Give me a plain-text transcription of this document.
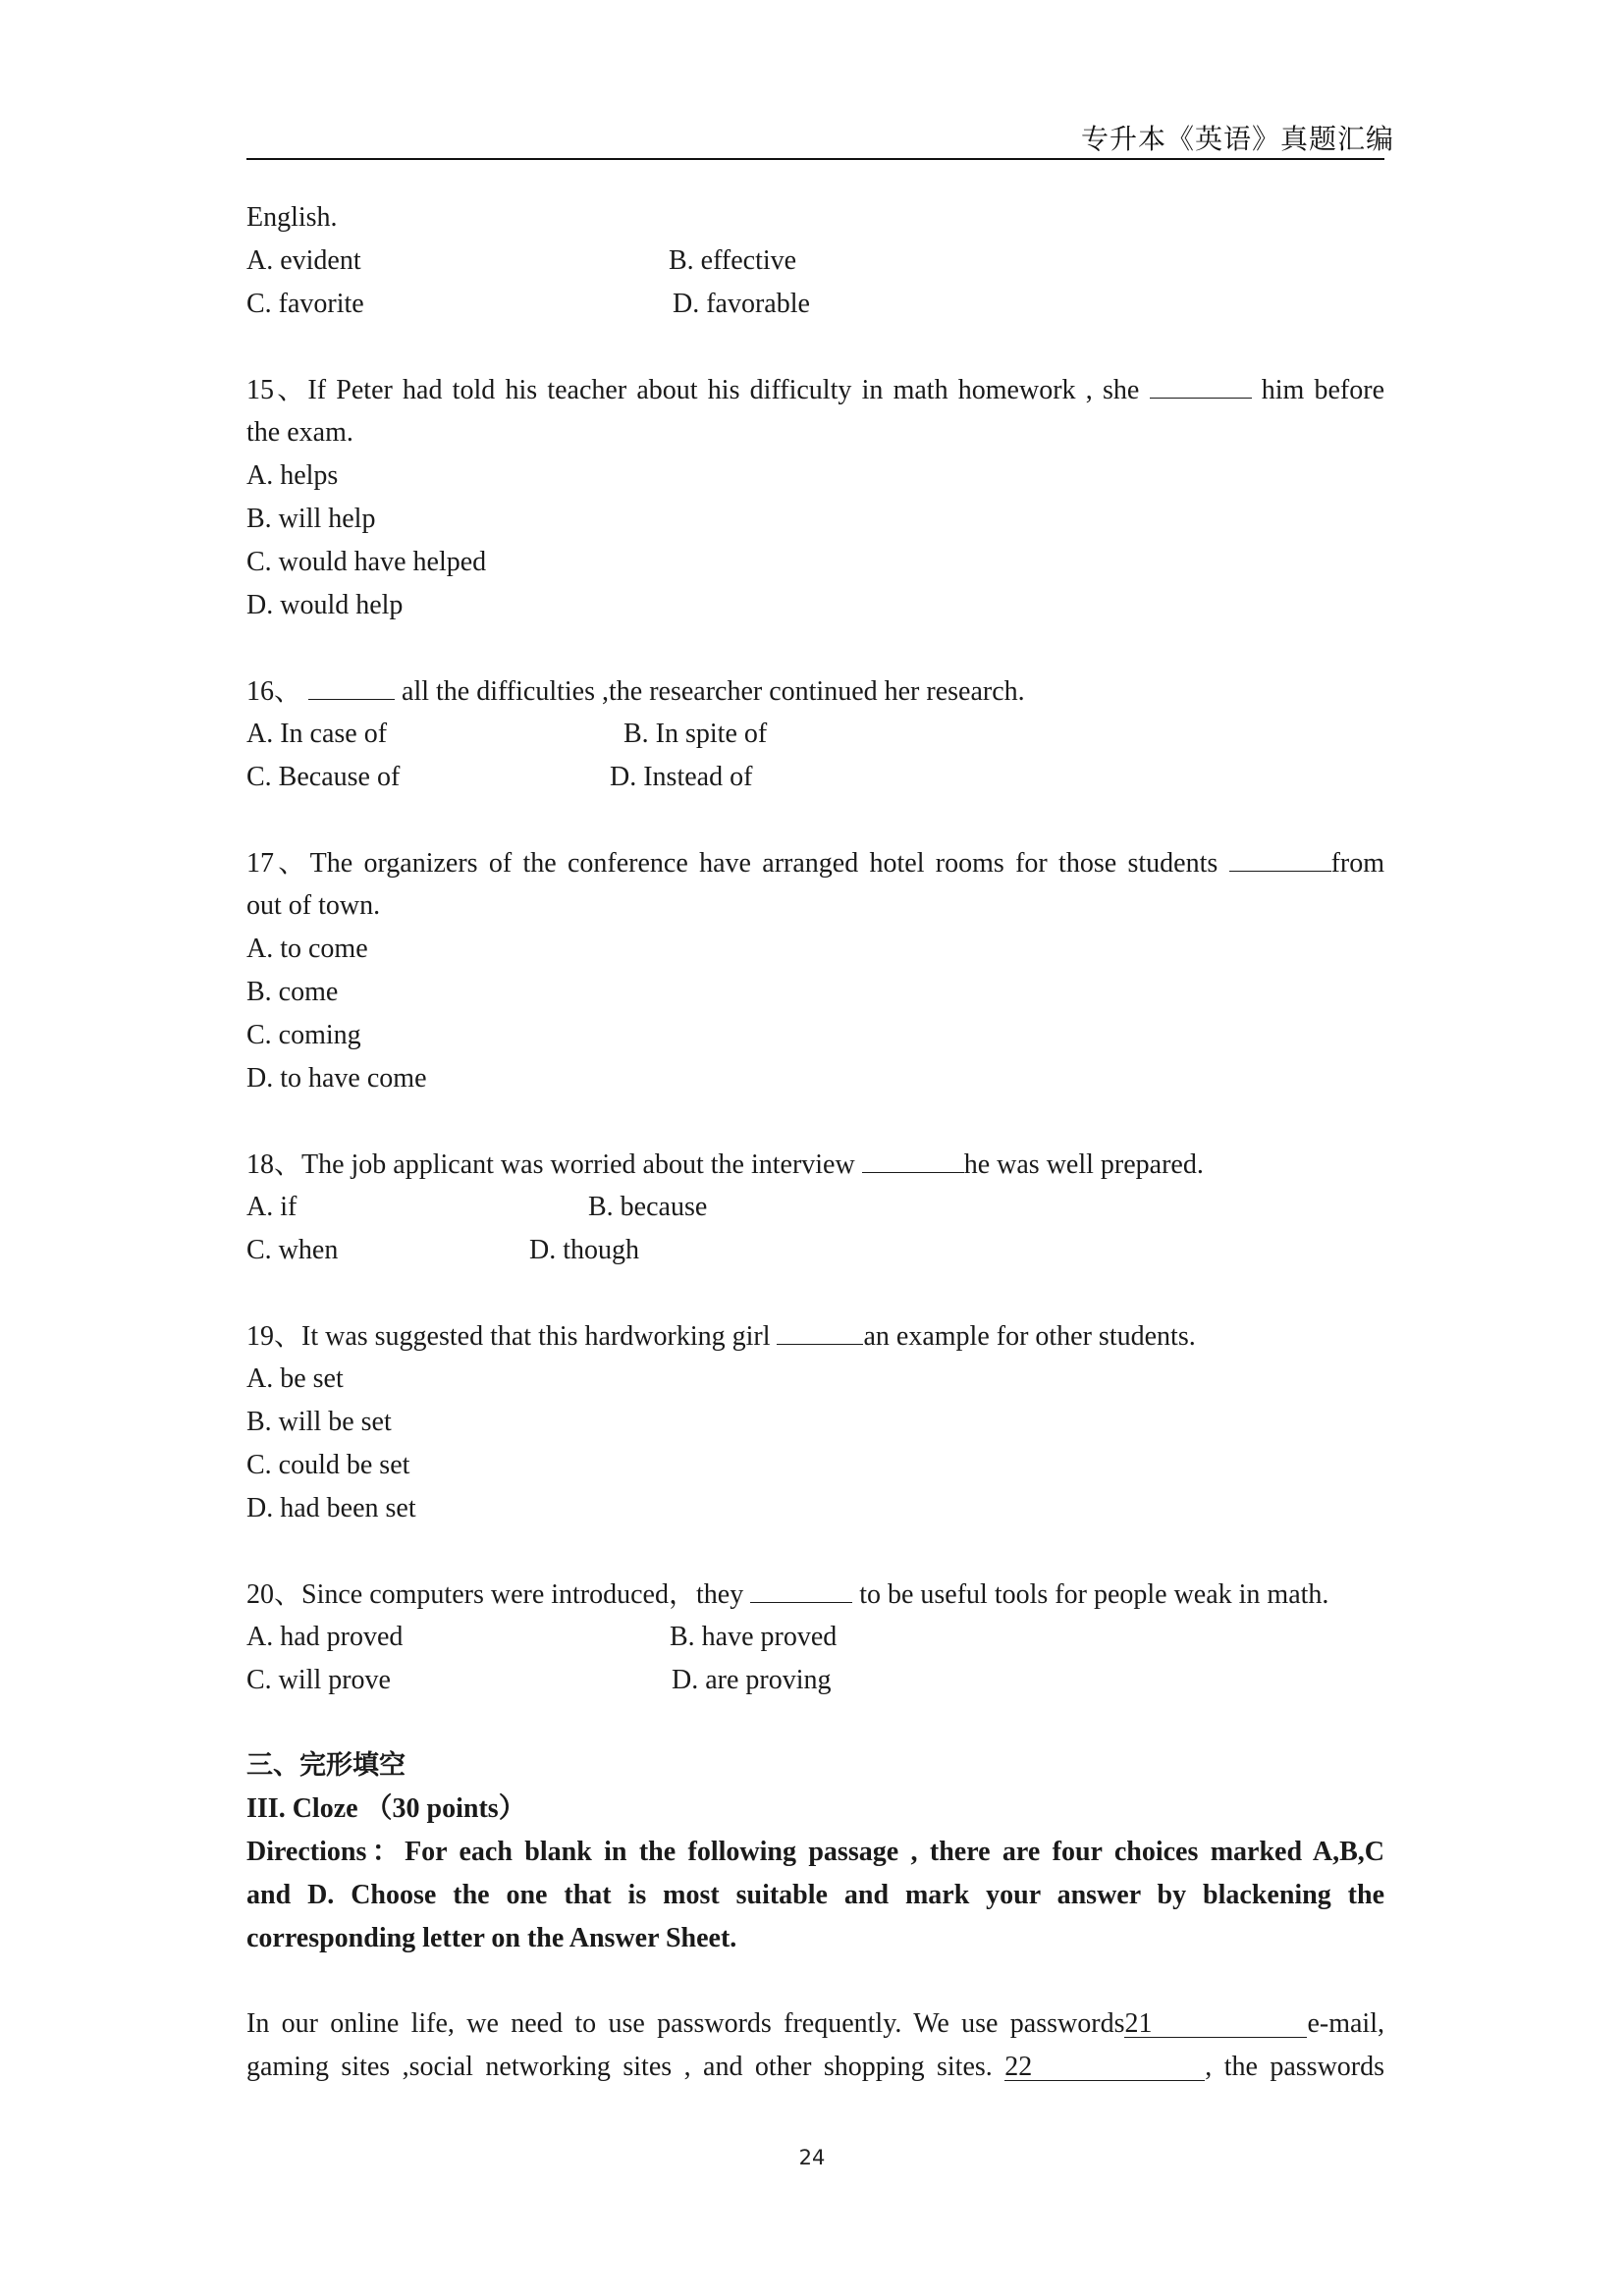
专升本《英语》真题汇编
English.
A. evident	B. effective
C. favorite	D. favorable
15、If Peter had told his teacher about his difficulty in math homework , she	him before
the exam.
A. helps
B. will help
C. would have helped
D. would help
16、	all the difficulties ,the researcher continued her research.
A. In case of	B. In spite of
C. Because of	D. Instead of
17、The organizers of the conference have arranged hotel rooms for those students	from
out of town.
A. to come
B. come
C. coming
D. to have come
18、The job applicant was worried about the interview	he was well prepared.
A. if	B. because
C. when	D. though
19、It was suggested that this hardworking girl	an example for other students.
A. be set
B. will be set
C. could be set
D. had been set
20、Since computers were introduced，they	to be useful tools for people weak in math.
A. had proved	B. have proved
C. will prove	D. are proving
三、完形填空
III. Cloze （30 points）
Directions：For each blank in the following passage , there are four choices marked A,B,C
and D. Choose the one that is most suitable and mark your answer by blackening the
corresponding letter on the Answer Sheet.
In our online life, we need to use passwords frequently. We use passwords21	e-mail,
gaming sites ,social networking sites , and other shopping sites. 22	, the passwords
24
